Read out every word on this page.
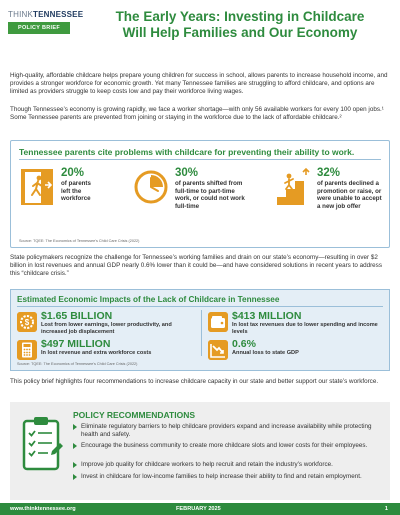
THINKTENNESSEE
POLICY BRIEF
The Early Years: Investing in Childcare
Will Help Families and Our Economy

High-quality, affordable childcare helps prepare young children for success in school, allows parents to increase household income, and provides a stronger workforce for economic growth. Yet many Tennessee families are struggling to afford childcare, and options are limited as providers struggle to keep costs low and pay their workforce living wages.

Though Tennessee’s economy is growing rapidly, we face a worker shortage—with only 56 available workers for every 100 open jobs.¹ Some Tennessee parents are prevented from joining or staying in the workforce due to the lack of affordable childcare.²

Tennessee parents cite problems with childcare for preventing their ability to work.
20%
of parents left the workforce
30%
of parents shifted from full-time to part-time work, or could not work full-time
32%
of parents declined a promotion or raise, or were unable to accept a new job offer
Source: TQEE: The Economics of Tennessee’s Child Care Crisis (2022)

State policymakers recognize the challenge for Tennessee’s working families and drain on our state’s economy—resulting in over $2 billion in lost revenues and annual GDP nearly 0.6% lower than it could be—and have considered solutions in recent years to address this “childcare crisis.”

Estimated Economic Impacts of the Lack of Childcare in Tennessee
$
$1.65 BILLION
Lost from lower earnings, lower productivity, and increased job displacement
$413 MILLION
In lost tax revenues due to lower spending and income levels
$497 MILLION
In lost revenue and extra workforce costs
0.6%
Annual loss to state GDP
Source: TQEE: The Economics of Tennessee’s Child Care Crisis (2022)

This policy brief highlights four recommendations to increase childcare capacity in our state and better support our state’s workforce.

POLICY RECOMMENDATIONS
Eliminate regulatory barriers to help childcare providers expand and increase availability while protecting health and safety.
Encourage the business community to create more childcare slots and lower costs for their employees.
Improve job quality for childcare workers to help recruit and retain the industry’s workforce.
Invest in childcare for low-income families to help increase their ability to find and retain employment.
www.thinktennessee.org	FEBRUARY 2025	1
